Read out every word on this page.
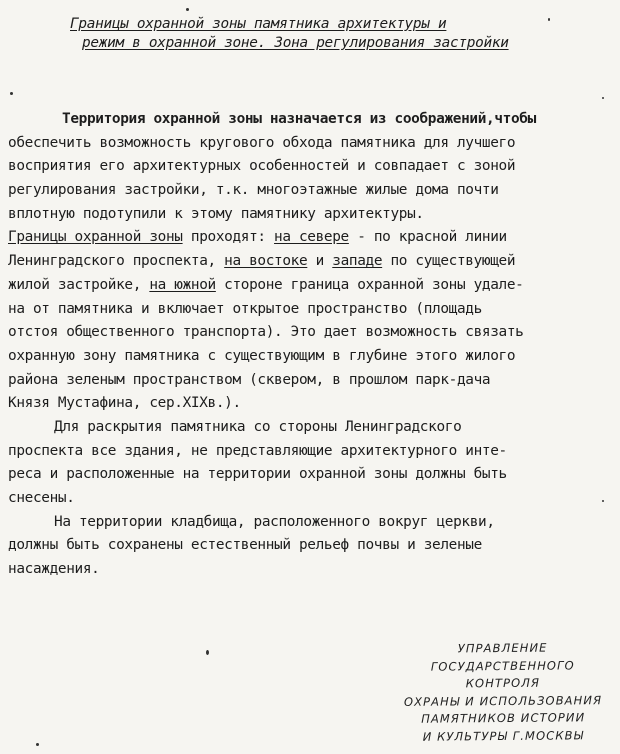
Границы охранной зоны памятника архитектуры и
режим в охранной зоне. Зона регулирования застройки
Территория охранной зоны назначается из соображений,чтобы
обеспечить возможность кругового обхода памятника для лучшего
восприятия его архитектурных особенностей и совпадает с зоной
регулирования застройки, т.к. многоэтажные жилые дома почти
вплотную подотупили к этому памятнику архитектуры.
Границы охранной зоны проходят: на севере - по красной линии
Ленинградского проспекта, на востоке и западе по существующей
жилой застройке, на южной стороне граница охранной зоны удале-
на от памятника и включает открытое пространство (площадь
отстоя общественного транспорта). Это дает возможность связать
охранную зону памятника с существующим в глубине этого жилого
района зеленым пространством (сквером, в прошлом парк-дача
Князя Мустафина, сер.XIXв.).
Для раскрытия памятника со стороны Ленинградского
проспекта все здания, не представляющие архитектурного инте-
реса и расположенные на территории охранной зоны должны быть
снесены.
На территории кладбища, расположенного вокруг церкви,
должны быть сохранены естественный рельеф почвы и зеленые
насаждения.
УПРАВЛЕНИЕ
ГОСУДАРСТВЕННОГО КОНТРОЛЯ
ОХРАНЫ И ИСПОЛЬЗОВАНИЯ
ПАМЯТНИКОВ ИСТОРИИ
И КУЛЬТУРЫ Г.МОСКВЫ
